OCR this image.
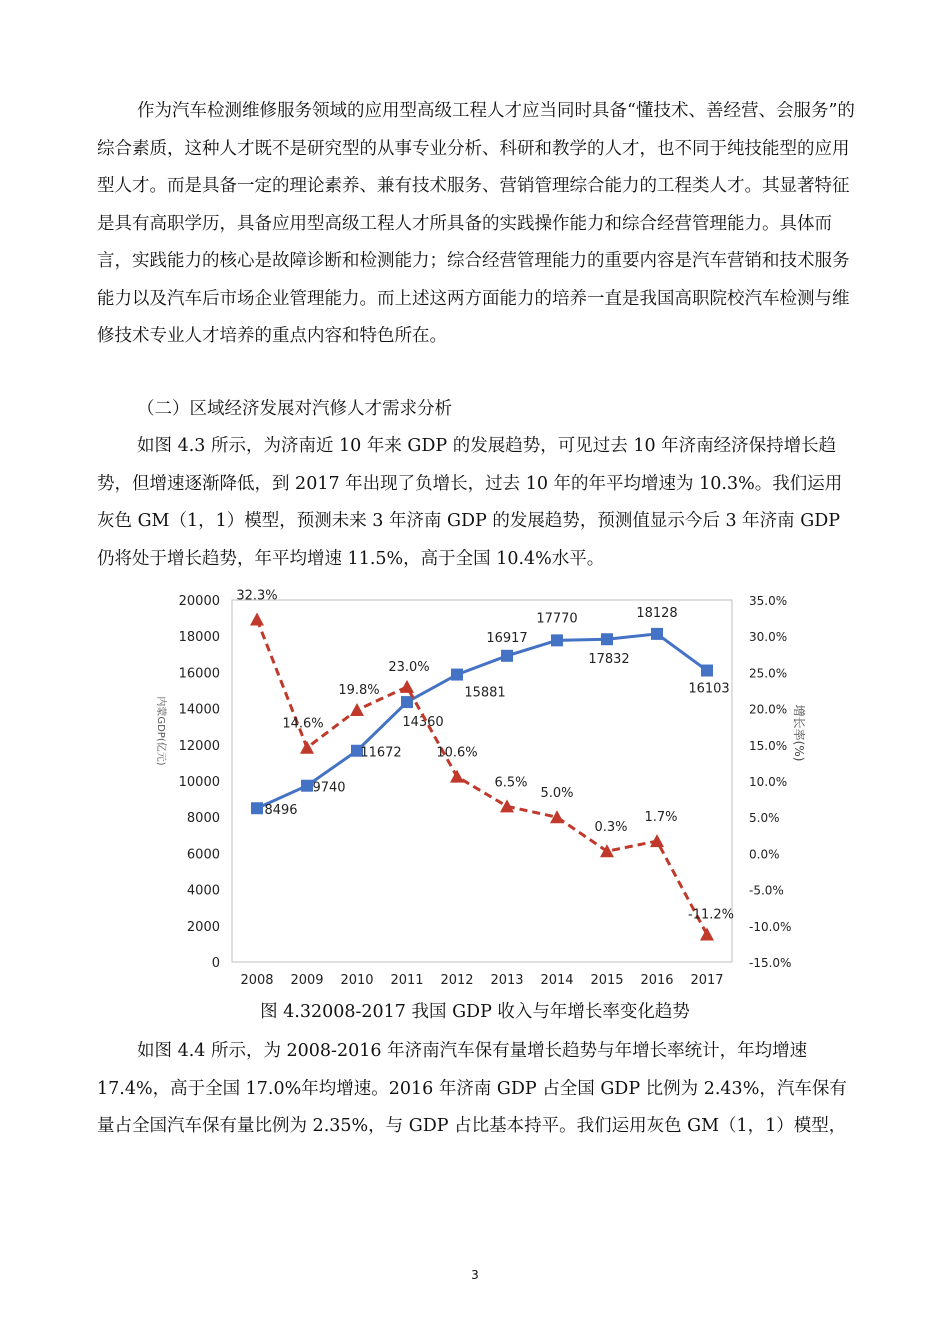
作为汽车检测维修服务领域的应用型高级工程人才应当同时具备“懂技术、善经营、会服务”的综合素质，这种人才既不是研究型的从事专业分析、科研和教学的人才，也不同于纯技能型的应用型人才。而是具备一定的理论素养、兼有技术服务、营销管理综合能力的工程类人才。其显著特征是具有高职学历，具备应用型高级工程人才所具备的实践操作能力和综合经营管理能力。具体而言，实践能力的核心是故障诊断和检测能力；综合经营管理能力的重要内容是汽车营销和技术服务能力以及汽车后市场企业管理能力。而上述这两方面能力的培养一直是我国高职院校汽车检测与维修技术专业人才培养的重点内容和特色所在。

（二）区域经济发展对汽修人才需求分析

如图 4.3 所示，为济南近 10 年来 GDP 的发展趋势，可见过去 10 年济南经济保持增长趋势，但增速逐渐降低，到 2017 年出现了负增长，过去 10 年的年平均增速为 10.3%。我们运用灰色 GM（1，1）模型，预测未来 3 年济南 GDP 的发展趋势，预测值显示今后 3 年济南 GDP 仍将处于增长趋势，年平均增速 11.5%，高于全国 10.4%水平。

0
2000
4000
6000
8000
10000
12000
14000
16000
18000
20000
-15.0%
-10.0%
-5.0%
0.0%
5.0%
10.0%
15.0%
20.0%
25.0%
30.0%
35.0%
2008 2009 2010 2011 2012 2013 2014 2015 2016 2017
内蒙GDP(亿元)	增长率(%)
8496
9740
11672
14360
15881
16917
17770
17832
18128
16103
32.3%
14.6%
19.8%
23.0%
10.6%
6.5%
5.0%
0.3%
1.7%
-11.2%
图 4.32008-2017 我国 GDP 收入与年增长率变化趋势

如图 4.4 所示，为 2008-2016 年济南汽车保有量增长趋势与年增长率统计，年均增速 17.4%，高于全国 17.0%年均增速。2016 年济南 GDP 占全国 GDP 比例为 2.43%，汽车保有量占全国汽车保有量比例为 2.35%，与 GDP 占比基本持平。我们运用灰色 GM（1，1）模型，

3
